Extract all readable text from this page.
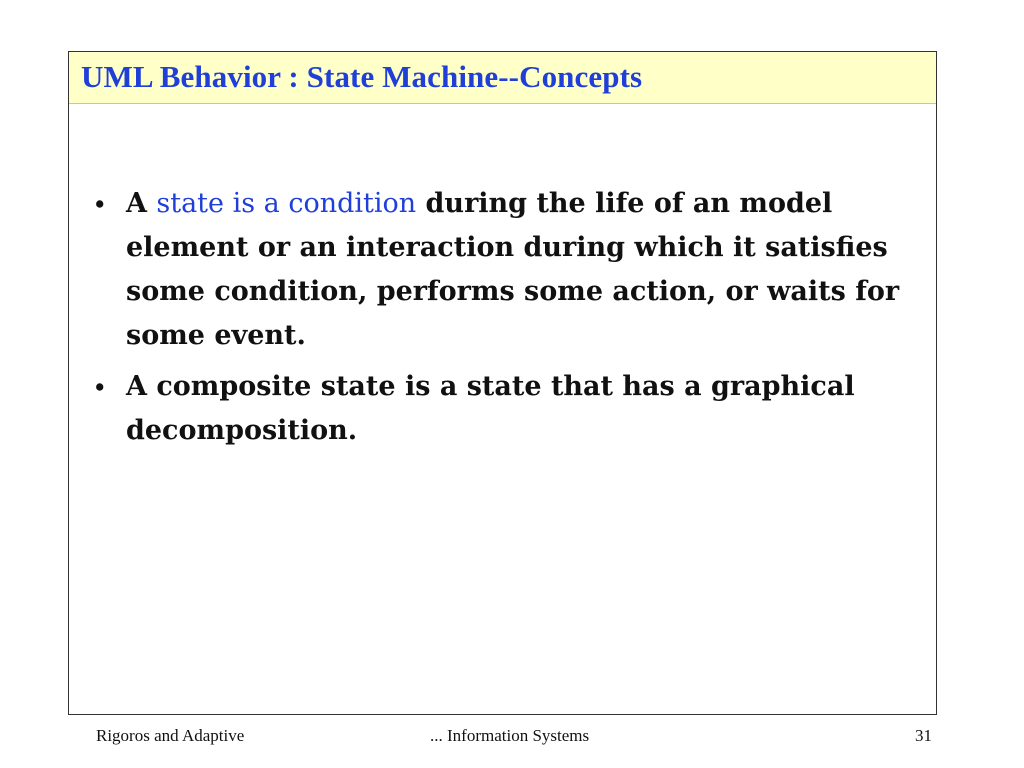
UML Behavior : State Machine--Concepts
• A state is a condition during the life of an model element or an interaction during which it satisfies some condition, performs some action, or waits for some event.
• A composite state is a state that has a graphical decomposition.
Rigoros and Adaptive	... Information Systems	31
